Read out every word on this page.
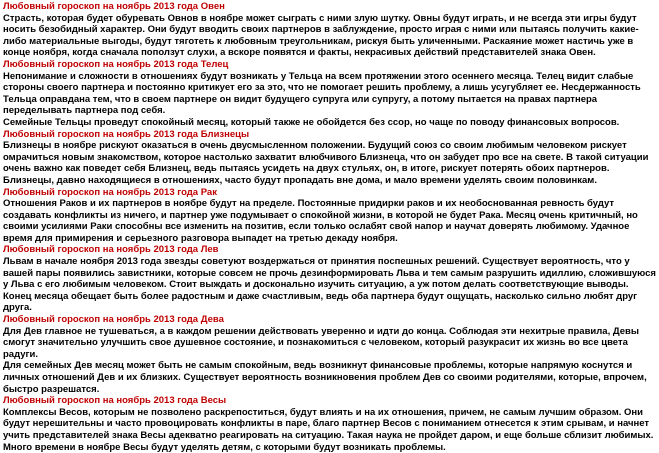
Любовный гороскоп на ноябрь 2013 года Овен
Страсть, которая будет обуревать Овнов в ноябре может сыграть с ними злую шутку. Овны будут играть, и не всегда эти игры будут носить безобидный характер. Они будут вводить своих партнеров в заблуждение, просто играя с ними или пытаясь получить какие-либо материальные выгоды, будут тяготеть к любовным треугольникам, рискуя быть уличенными. Раскаяние может настичь уже в конце ноября, когда сначала поползут слухи, а вскоре появятся и факты, некрасивых действий представителей знака Овен.
Любовный гороскоп на ноябрь 2013 года Телец
Непонимание и сложности в отношениях будут возникать у Тельца на всем протяжении этого осеннего месяца. Телец видит слабые стороны своего партнера и постоянно критикует его за это, что не помогает решить проблему, а лишь усугубляет ее. Несдержанность Тельца оправдана тем, что в своем партнере он видит будущего супруга или супругу, а потому пытается на правах партнера переделывать партнера под себя.
Семейные Тельцы проведут спокойный месяц, который также не обойдется без ссор, но чаще по поводу финансовых вопросов.
Любовный гороскоп на ноябрь 2013 года Близнецы
Близнецы в ноябре рискуют оказаться в очень двусмысленном положении. Будущий союз со своим любимым человеком рискует омрачиться новым знакомством, которое настолько захватит влюбчивого Близнеца, что он забудет про все на свете. В такой ситуации очень важно как поведет себя Близнец, ведь пытаясь усидеть на двух стульях, он, в итоге, рискует потерять обоих партнеров.
Близнецы, давно находящиеся в отношениях, часто будут пропадать вне дома, и мало времени уделять своим половинкам.
Любовный гороскоп на ноябрь 2013 года Рак
Отношения Раков и их партнеров в ноябре будут на пределе. Постоянные придирки раков и их необоснованная ревность будут создавать конфликты из ничего, и партнер уже подумывает о спокойной жизни, в которой не будет Рака. Месяц очень критичный, но своими усилиями Раки способны все изменить на позитив, если только ослабят свой напор и научат доверять любимому. Удачное время для примирения и серьезного разговора выпадет на третью декаду ноября.
Любовный гороскоп на ноябрь 2013 года Лев
Львам в начале ноября 2013 года звезды советуют воздержаться от принятия поспешных решений. Существует вероятность, что у вашей пары появились завистники, которые совсем не прочь дезинформировать Льва и тем самым разрушить идиллию, сложившуюся у Льва с его любимым человеком. Стоит выждать и досконально изучить ситуацию, а уж потом делать соответствующие выводы. Конец месяца обещает быть более радостным и даже счастливым, ведь оба партнера будут ощущать, насколько сильно любят друг друга.
Любовный гороскоп на ноябрь 2013 года Дева
Для Дев главное не тушеваться, а в каждом решении действовать уверенно и идти до конца. Соблюдая эти нехитрые правила, Девы смогут значительно улучшить свое душевное состояние, и познакомиться с человеком, который разукрасит их жизнь во все цвета радуги.
Для семейных Дев месяц может быть не самым спокойным, ведь возникнут финансовые проблемы, которые напрямую коснутся и личных отношений Дев и их близких. Существует вероятность возникновения проблем Дев со своими родителями, которые, впрочем, быстро разрешатся.
Любовный гороскоп на ноябрь 2013 года Весы
Комплексы Весов, которым не позволено раскрепоститься, будут влиять и на их отношения, причем, не самым лучшим образом. Они будут нерешительны и часто провоцировать конфликты в паре, благо партнер Весов с пониманием отнесется к этим срывам, и начнет учить представителей знака Весы адекватно реагировать на ситуацию. Такая наука не пройдет даром, и еще больше сблизит любимых.
Много времени в ноябре Весы будут уделять детям, с которыми будут возникать проблемы.
